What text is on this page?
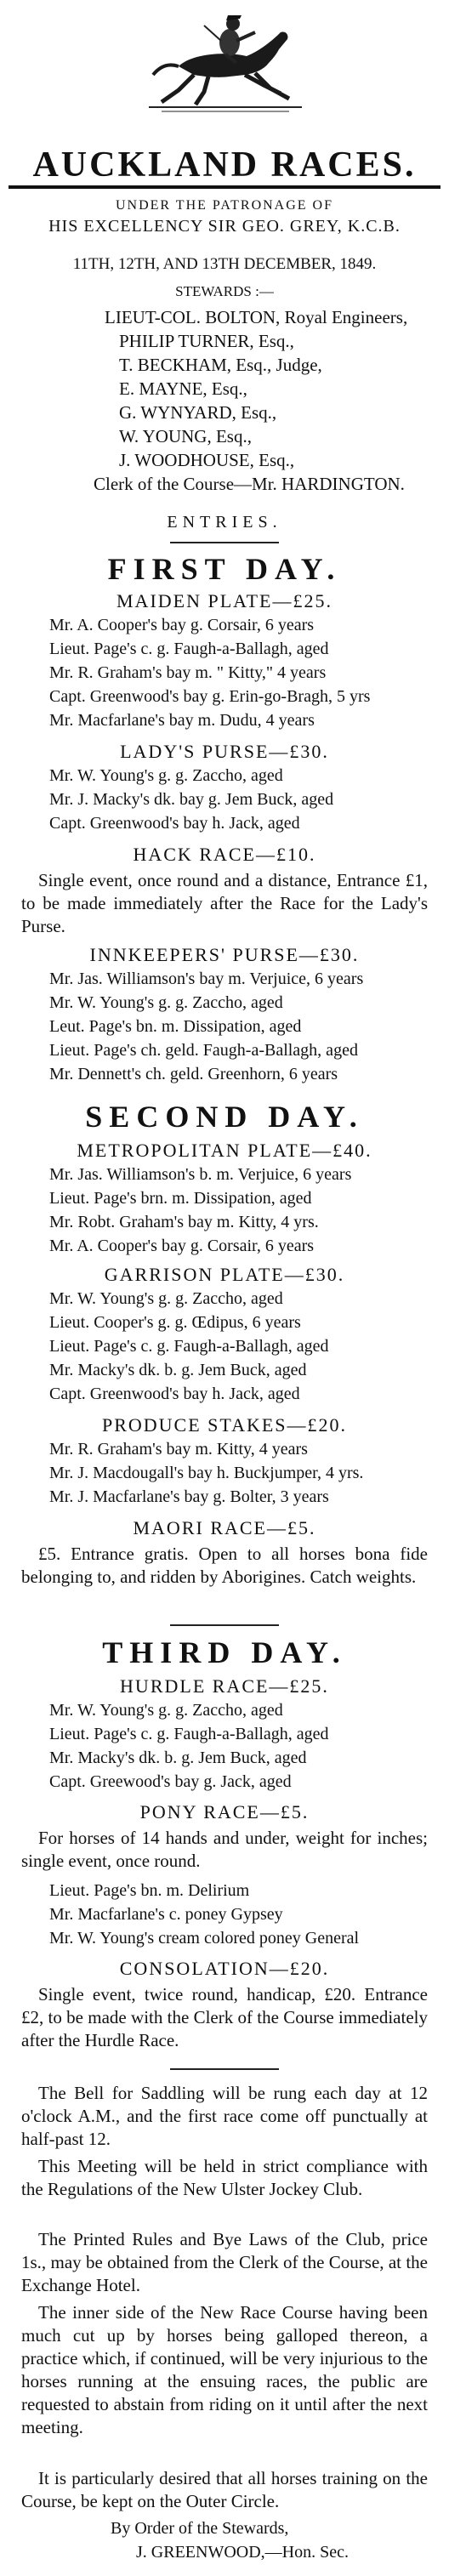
AUCKLAND RACES.
UNDER THE PATRONAGE OF
HIS EXCELLENCY SIR GEO. GREY, K.C.B.
11TH, 12TH, AND 13TH DECEMBER, 1849.
STEWARDS :—
LIEUT-COL. BOLTON, Royal Engineers,
PHILIP TURNER, Esq.,
T. BECKHAM, Esq., Judge,
E. MAYNE, Esq.,
G. WYNYARD, Esq.,
W. YOUNG, Esq.,
J. WOODHOUSE, Esq.,
Clerk of the Course—Mr. HARDINGTON.
ENTRIES.
FIRST DAY.
MAIDEN PLATE—£25.
Mr. A. Cooper's bay g. Corsair, 6 years
Lieut. Page's c. g. Faugh-a-Ballagh, aged
Mr. R. Graham's bay m. " Kitty," 4 years
Capt. Greenwood's bay g. Erin-go-Bragh, 5 yrs
Mr. Macfarlane's bay m. Dudu, 4 years
LADY'S PURSE—£30.
Mr. W. Young's g. g. Zaccho, aged
Mr. J. Macky's dk. bay g. Jem Buck, aged
Capt. Greenwood's bay h. Jack, aged
HACK RACE—£10.
Single event, once round and a distance, Entrance £1, to be made immediately after the Race for the Lady's Purse.
INNKEEPERS' PURSE—£30.
Mr. Jas. Williamson's bay m. Verjuice, 6 years
Mr. W. Young's g. g. Zaccho, aged
Leut. Page's bn. m. Dissipation, aged
Lieut. Page's ch. geld. Faugh-a-Ballagh, aged
Mr. Dennett's ch. geld. Greenhorn, 6 years
SECOND DAY.
METROPOLITAN PLATE—£40.
Mr. Jas. Williamson's b. m. Verjuice, 6 years
Lieut. Page's brn. m. Dissipation, aged
Mr. Robt. Graham's bay m. Kitty, 4 yrs.
Mr. A. Cooper's bay g. Corsair, 6 years
GARRISON PLATE—£30.
Mr. W. Young's g. g. Zaccho, aged
Lieut. Cooper's g. g. Œdipus, 6 years
Lieut. Page's c. g. Faugh-a-Ballagh, aged
Mr. Macky's dk. b. g. Jem Buck, aged
Capt. Greenwood's bay h. Jack, aged
PRODUCE STAKES—£20.
Mr. R. Graham's bay m. Kitty, 4 years
Mr. J. Macdougall's bay h. Buckjumper, 4 yrs.
Mr. J. Macfarlane's bay g. Bolter, 3 years
MAORI RACE—£5.
£5. Entrance gratis. Open to all horses bona fide belonging to, and ridden by Aborigines. Catch weights.
THIRD DAY.
HURDLE RACE—£25.
Mr. W. Young's g. g. Zaccho, aged
Lieut. Page's c. g. Faugh-a-Ballagh, aged
Mr. Macky's dk. b. g. Jem Buck, aged
Capt. Greewood's bay g. Jack, aged
PONY RACE—£5.
For horses of 14 hands and under, weight for inches; single event, once round.
Lieut. Page's bn. m. Delirium
Mr. Macfarlane's c. poney Gypsey
Mr. W. Young's cream colored poney General
CONSOLATION—£20.
Single event, twice round, handicap, £20. Entrance £2, to be made with the Clerk of the Course immediately after the Hurdle Race.
The Bell for Saddling will be rung each day at 12 o'clock A.M., and the first race come off punctually at half-past 12.
This Meeting will be held in strict compliance with the Regulations of the New Ulster Jockey Club.
The Printed Rules and Bye Laws of the Club, price 1s., may be obtained from the Clerk of the Course, at the Exchange Hotel.
The inner side of the New Race Course having been much cut up by horses being galloped thereon, a practice which, if continued, will be very injurious to the horses running at the ensuing races, the public are requested to abstain from riding on it until after the next meeting.
It is particularly desired that all horses training on the Course, be kept on the Outer Circle.
By Order of the Stewards,
J. GREENWOOD,—Hon. Sec.
